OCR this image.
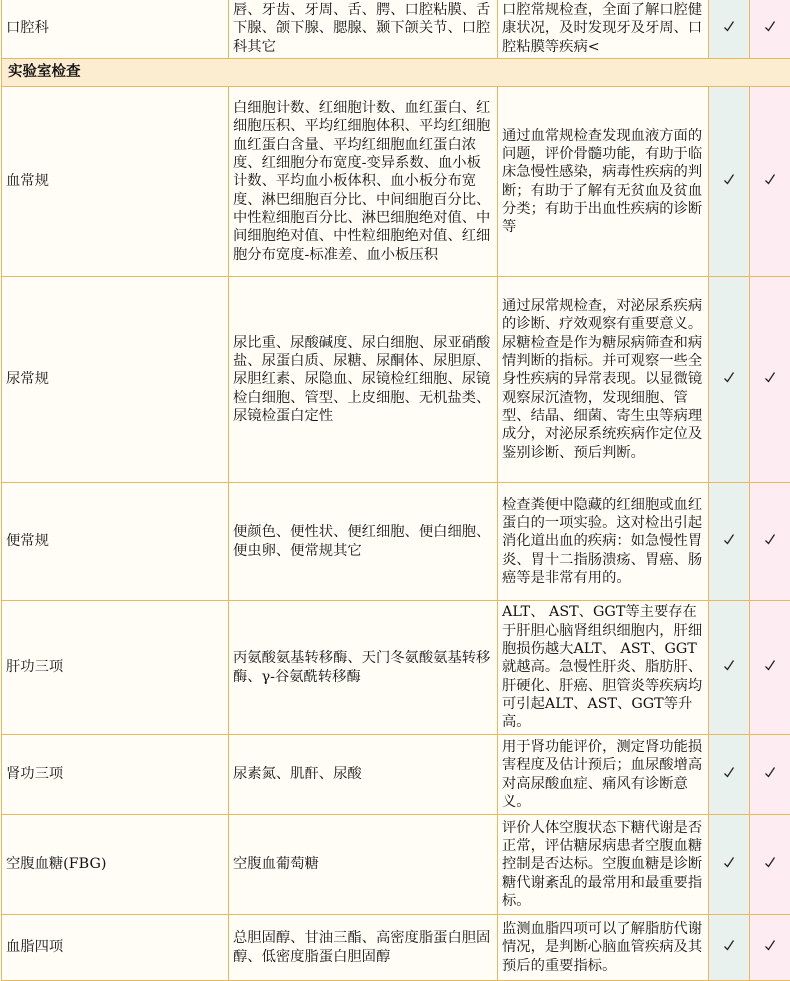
口腔科	唇、牙齿、牙周、舌、腭、口腔粘膜、舌下腺、颌下腺、腮腺、颞下颌关节、口腔科其它	口腔常规检查，全面了解口腔健康状况，及时发现牙及牙周、口腔粘膜等疾病<		
实验室检查				
血常规	白细胞计数、红细胞计数、血红蛋白、红细胞压积、平均红细胞体积、平均红细胞血红蛋白含量、平均红细胞血红蛋白浓度、红细胞分布宽度-变异系数、血小板计数、平均血小板体积、血小板分布宽度、淋巴细胞百分比、中间细胞百分比、中性粒细胞百分比、淋巴细胞绝对值、中间细胞绝对值、中性粒细胞绝对值、红细胞分布宽度-标准差、血小板压积	通过血常规检查发现血液方面的问题，评价骨髓功能，有助于临床急慢性感染，病毒性疾病的判断；有助于了解有无贫血及贫血分类；有助于出血性疾病的诊断等		
尿常规	尿比重、尿酸碱度、尿白细胞、尿亚硝酸盐、尿蛋白质、尿糖、尿酮体、尿胆原、尿胆红素、尿隐血、尿镜检红细胞、尿镜检白细胞、管型、上皮细胞、无机盐类、尿镜检蛋白定性	通过尿常规检查，对泌尿系疾病的诊断、疗效观察有重要意义。尿糖检查是作为糖尿病筛查和病情判断的指标。并可观察一些全身性疾病的异常表现。以显微镜观察尿沉渣物，发现细胞、管型、结晶、细菌、寄生虫等病理成分，对泌尿系统疾病作定位及鉴别诊断、预后判断。		
便常规	便颜色、便性状、便红细胞、便白细胞、便虫卵、便常规其它	检查粪便中隐藏的红细胞或血红蛋白的一项实验。这对检出引起消化道出血的疾病：如急慢性胃炎、胃十二指肠溃疡、胃癌、肠癌等是非常有用的。		
肝功三项	丙氨酸氨基转移酶、天门冬氨酸氨基转移酶、γ-谷氨酰转移酶	ALT、 AST、GGT等主要存在于肝胆心脑肾组织细胞内，肝细胞损伤越大ALT、 AST、GGT就越高。急慢性肝炎、脂肪肝、肝硬化、肝癌、胆管炎等疾病均可引起ALT、AST、GGT等升高。		
肾功三项	尿素氮、肌酐、尿酸	用于肾功能评价，测定肾功能损害程度及估计预后；血尿酸增高对高尿酸血症、痛风有诊断意义。		
空腹血糖(FBG)	空腹血葡萄糖	评价人体空腹状态下糖代谢是否正常，评估糖尿病患者空腹血糖控制是否达标。空腹血糖是诊断糖代谢紊乱的最常用和最重要指标。		
血脂四项	总胆固醇、甘油三酯、高密度脂蛋白胆固醇、低密度脂蛋白胆固醇	监测血脂四项可以了解脂肪代谢情况，是判断心脑血管疾病及其预后的重要指标。		
